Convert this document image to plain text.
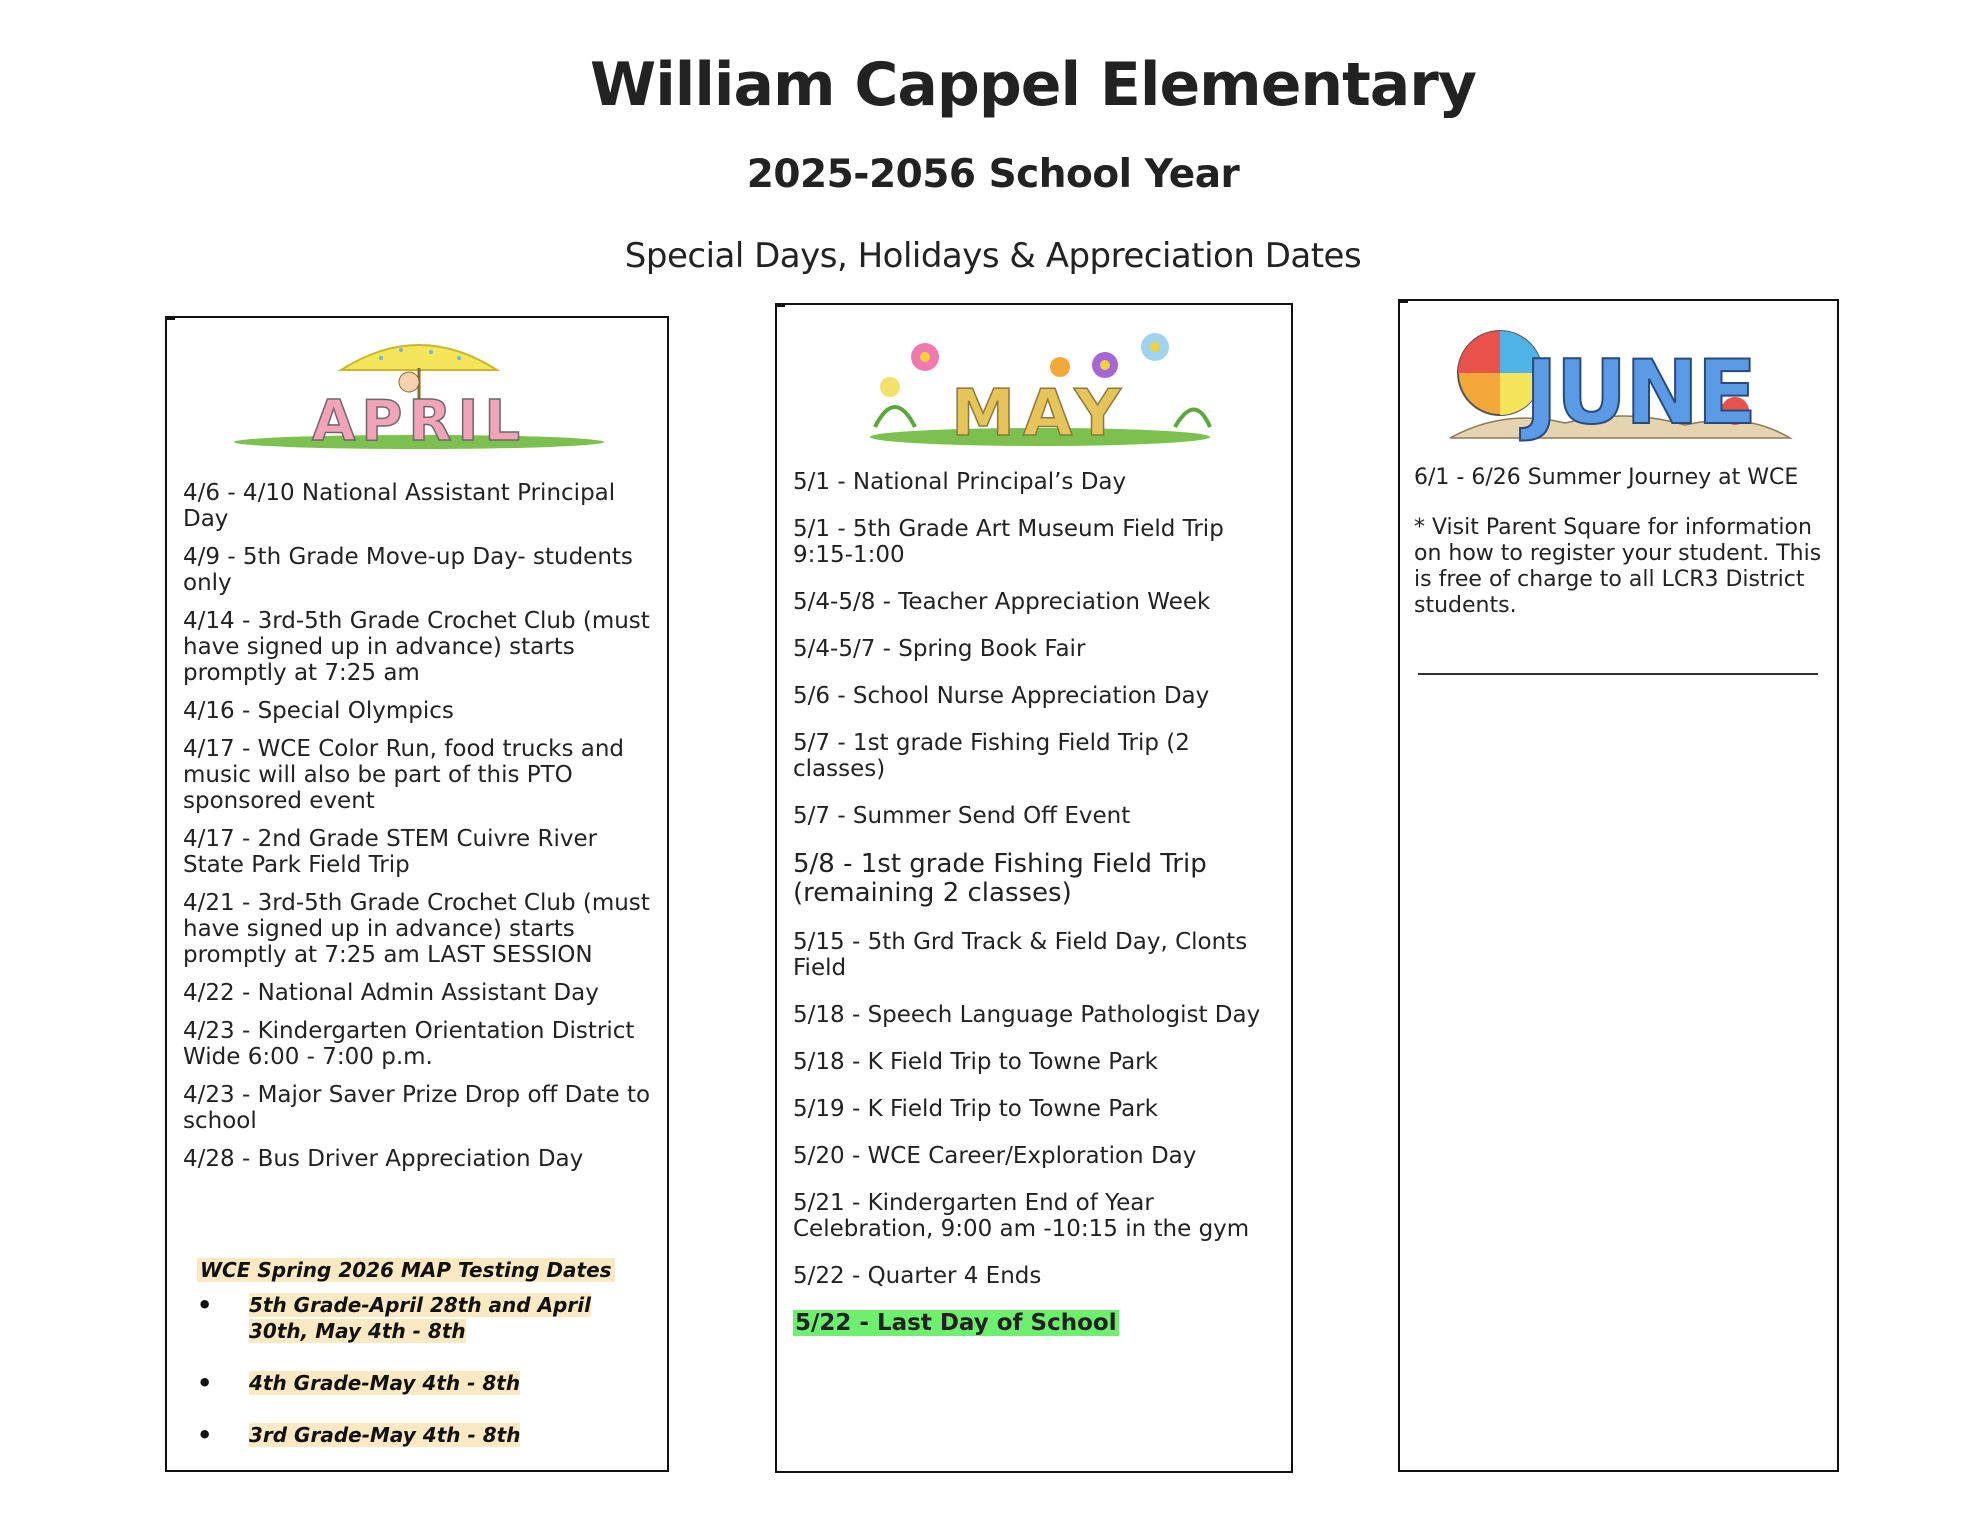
William Cappel Elementary
2025-2056 School Year
Special Days, Holidays & Appreciation Dates
APRIL
4/6 - 4/10 National Assistant Principal Day
4/9 - 5th Grade Move-up Day- students only
4/14 - 3rd-5th Grade Crochet Club (must have signed up in advance) starts promptly at 7:25 am
4/16 - Special Olympics
4/17 - WCE Color Run, food trucks and music will also be part of this PTO sponsored event
4/17 - 2nd Grade STEM Cuivre River State Park Field Trip
4/21 - 3rd-5th Grade Crochet Club (must have signed up in advance) starts promptly at 7:25 am LAST SESSION
4/22 - National Admin Assistant Day
4/23 - Kindergarten Orientation District Wide 6:00 - 7:00 p.m.
4/23 - Major Saver Prize Drop off Date to school
4/28 - Bus Driver Appreciation Day
WCE Spring 2026 MAP Testing Dates
• 5th Grade-April 28th and April 30th, May 4th - 8th
• 4th Grade-May 4th - 8th
• 3rd Grade-May 4th - 8th
MAY
5/1 - National Principal’s Day
5/1 - 5th Grade Art Museum Field Trip 9:15-1:00
5/4-5/8 - Teacher Appreciation Week
5/4-5/7 - Spring Book Fair
5/6 - School Nurse Appreciation Day
5/7 - 1st grade Fishing Field Trip (2 classes)
5/7 - Summer Send Off Event
5/8 - 1st grade Fishing Field Trip (remaining 2 classes)
5/15 - 5th Grd Track & Field Day, Clonts Field
5/18 - Speech Language Pathologist Day
5/18 - K Field Trip to Towne Park
5/19 - K Field Trip to Towne Park
5/20 - WCE Career/Exploration Day
5/21 - Kindergarten End of Year Celebration, 9:00 am -10:15 in the gym
5/22 - Quarter 4 Ends
5/22 - Last Day of School
JUNE
6/1 - 6/26 Summer Journey at WCE
* Visit Parent Square for information on how to register your student. This is free of charge to all LCR3 District students.
